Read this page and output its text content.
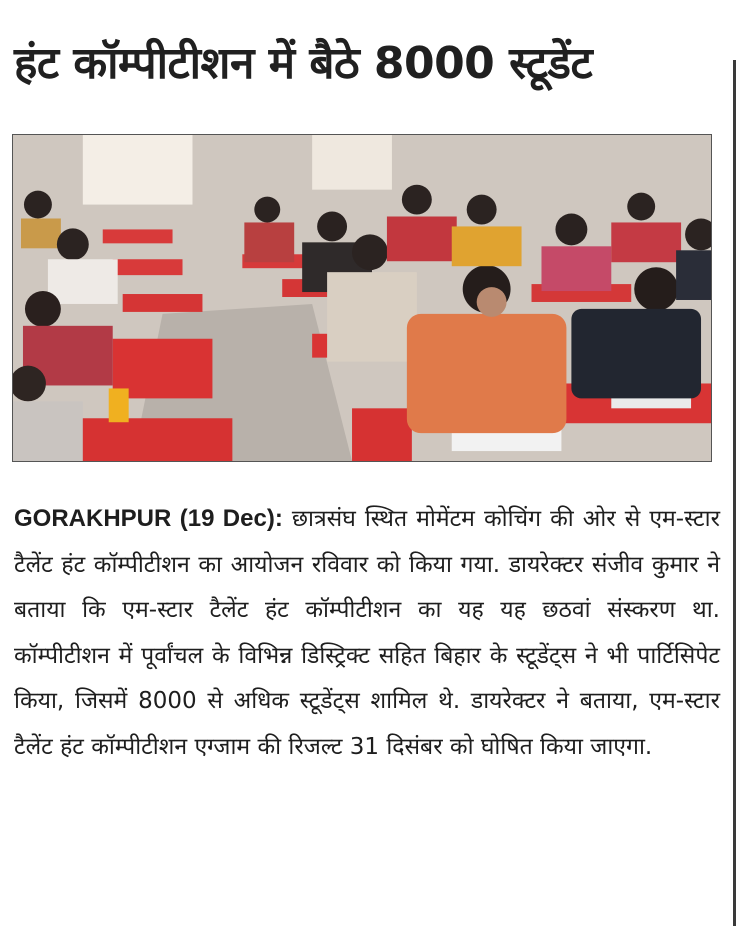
हंट कॉम्पीटीशन में बैठे 8000 स्टूडेंट
GORAKHPUR (19 Dec): छात्रसंघ स्थित मोमेंटम कोचिंग की ओर से एम-स्टार टैलेंट हंट कॉम्पीटीशन का आयोजन रविवार को किया गया. डायरेक्टर संजीव कुमार ने बताया कि एम-स्टार टैलेंट हंट कॉम्पीटीशन का यह यह छठवां संस्करण था. कॉम्पीटीशन में पूर्वांचल के विभिन्न डिस्ट्रिक्ट सहित बिहार के स्टूडेंट्स ने भी पार्टिसिपेट किया, जिसमें 8000 से अधिक स्टूडेंट्स शामिल थे. डायरेक्टर ने बताया, एम-स्टार टैलेंट हंट कॉम्पीटीशन एग्जाम की रिजल्ट 31 दिसंबर को घोषित किया जाएगा.
